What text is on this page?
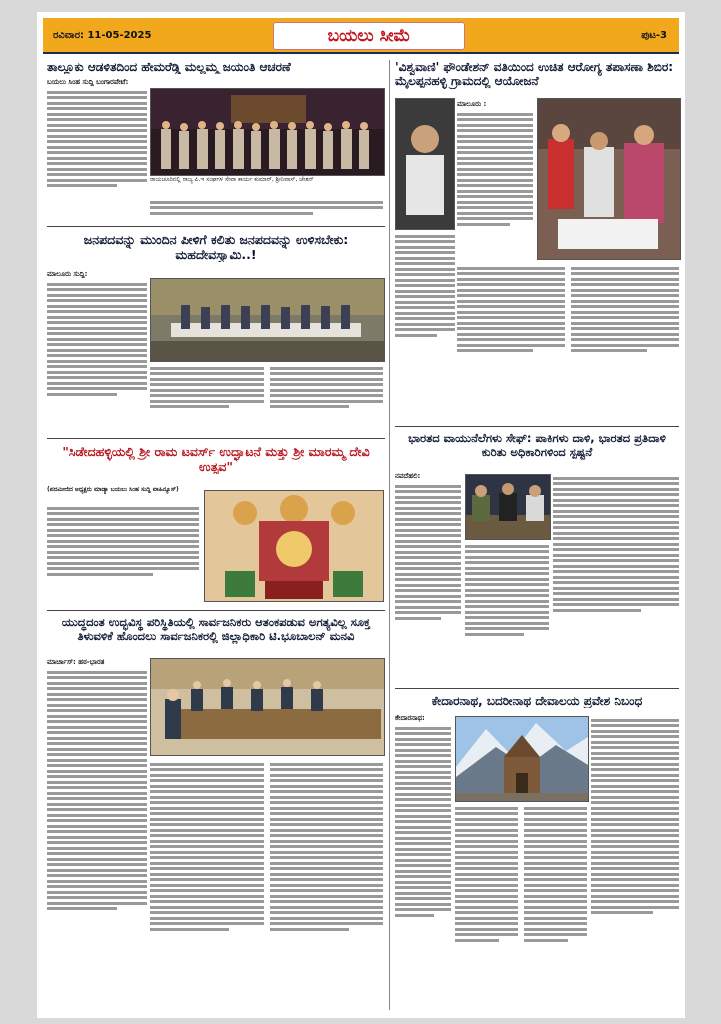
ರವಿವಾರ: 11-05-2025	ಬಯಲು ಸೀಮೆ	ಪುಟ-3
ತಾಲ್ಲೂಕು ಆಡಳಿತದಿಂದ ಹೇಮರೆಡ್ಡಿ ಮಲ್ಲಮ್ಮ ಜಯಂತಿ ಆಚರಣೆ
ಬಯಲು ಸಿಂಹ ಸುದ್ದಿ ಬಂಗಾರಪೇಟೆ:
ರಾಯಚೂರಿನಲ್ಲಿ ರಾಜ್ಯ ಪಿ.ಇ ಸಂಘಗಳ ಸೇವಾ ಕಾರ್ಯ ಕುಮಾರ್, ಶ್ರೀನಿವಾಸ್, ಚೇತನ್
ಜನಪದವನ್ನು ಮುಂದಿನ ಪೀಳಿಗೆ ಕಲಿತು ಜನಪದವನ್ನು ಉಳಿಸಬೇಕು: ಮಹದೇವಸ್ವಾಮಿ..!
ಮಾಲೂರು ಸುದ್ದಿ:
"ಸಿಡೇದಹಳ್ಳಿಯಲ್ಲಿ ಶ್ರೀ ರಾಮ ಟವರ್ಸ್ ಉದ್ಘಾಟನೆ ಮತ್ತು ಶ್ರೀ ಮಾರಮ್ಮ ದೇವಿ ಉತ್ಸವ"
(ಪದಮೀಜಿದ ಅಧ್ಯಕ್ಷರು ಮಾಡ್ಯಾ ಬಯಲು ಸಿಂಹ ಸುದ್ದಿ ವಾಹಿನ್ಯೂಸ್)
ಯುದ್ಧದಂತ ಉದ್ಭವಿಸ್ಥ ಪರಿಸ್ಥಿತಿಯಲ್ಲಿ ಸಾರ್ವಜನಿಕರು ಆತಂಕಪಡುವ ಅಗತ್ಯವಿಲ್ಲ ಸೂಕ್ತ ತಿಳುವಳಿಕೆ ಹೊಂದಲು ಸಾರ್ವಜನಿಕರಲ್ಲಿ ಜಿಲ್ಲಾಧಿಕಾರಿ ಟಿ.ಭೂಬಾಲನ್ ಮನವಿ
ಮಾರ್ಚಾಸ್: ಹಠ-ಭಾರತ
'ವಿಶ್ವವಾಣಿ' ಫೌಂಡೇಶನ್ ವತಿಯಿಂದ ಉಚಿತ ಆರೋಗ್ಯ ತಪಾಸಣಾ ಶಿಬಿರ: ಮೈಲಪ್ಪನಹಳ್ಳಿ ಗ್ರಾಮದಲ್ಲಿ ಆಯೋಜನೆ
ಮಾಲೂರು :
ಭಾರತದ ವಾಯುನೆಲೆಗಳು ಸೇಫ್: ಪಾಕಿಗಳು ದಾಳಿ, ಭಾರತದ ಪ್ರತಿದಾಳಿ ಕುರಿತು ಅಧಿಕಾರಿಗಳಿಂದ ಸ್ಪಷ್ಟನೆ
ನವದೆಹಲಿ:
ಕೇದಾರನಾಥ, ಬದರೀನಾಥ ದೇವಾಲಯ ಪ್ರವೇಶ ನಿಬಂಧ
ಕೇದಾರನಾಥ:
